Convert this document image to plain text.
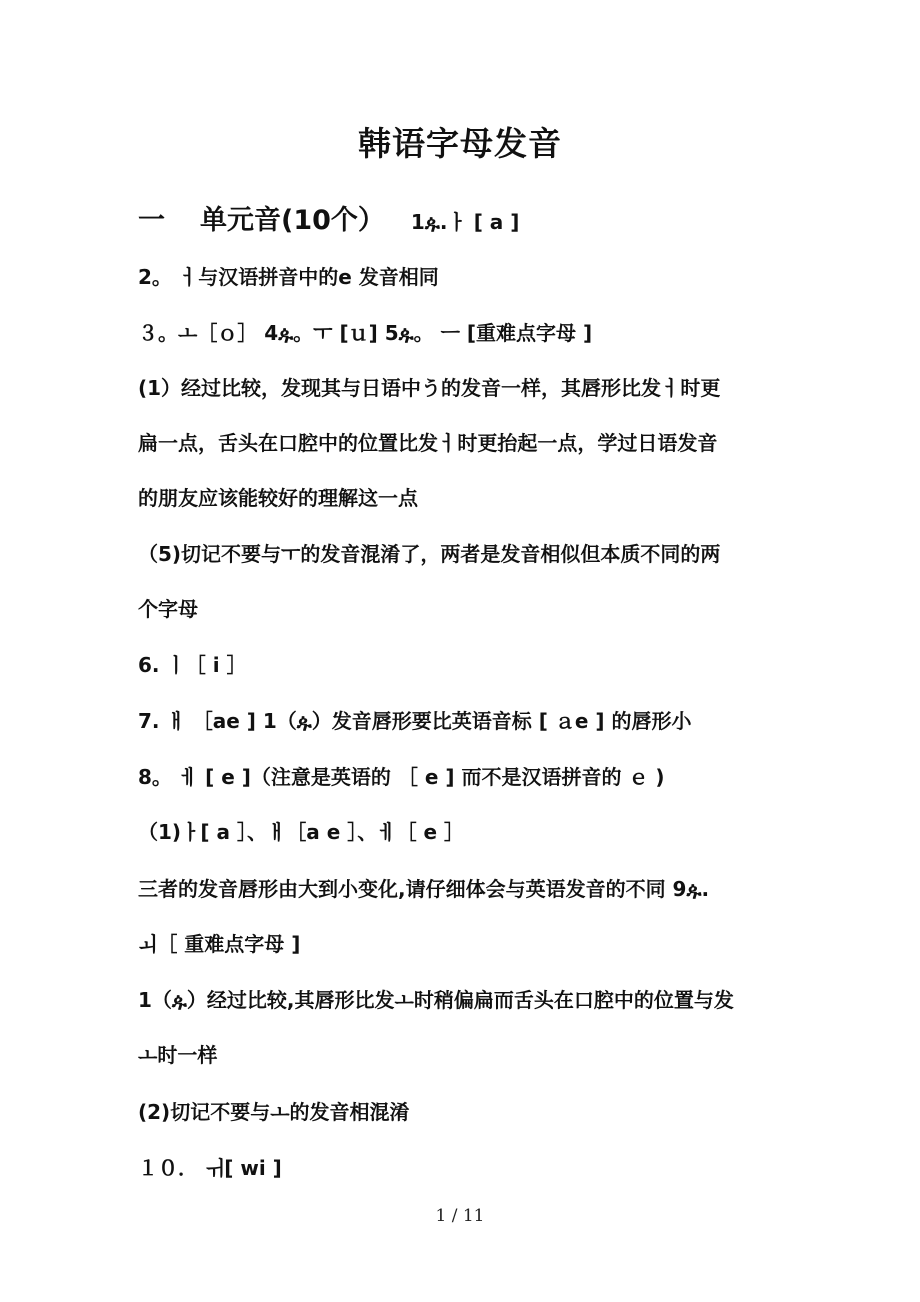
韩语字母发音
一 单元音(10个） 1ዹ.ㅏ [ a ]
2。 ㅓ与汉语拼音中的e 发音相同
３。ㅗ［ｏ］ 4ዹ。ㅜ [ｕ] 5ዹ。 ㅡ [重难点字母 ]
(1）经过比较，发现其与日语中う的发音一样，其唇形比发ㅓ时更
扁一点，舌头在口腔中的位置比发ㅓ时更抬起一点，学过日语发音
的朋友应该能较好的理解这一点
（5)切记不要与ㅜ的发音混淆了，两者是发音相似但本质不同的两
个字母
6. ㅣ［ i ］
7. ㅐ ［ae ] 1（ዹ）发音唇形要比英语音标 [ ａe ] 的唇形小
8。 ㅔ [ e ]（注意是英语的 ［ e ] 而不是汉语拼音的 ｅ )
（1)ㅏ[ a ］、ㅐ［a e ］、ㅔ［ e ］
三者的发音唇形由大到小变化,请仔细体会与英语发音的不同 9ዹ.
ㅚ［ 重难点字母 ]
1（ዹ）经过比较,其唇形比发ㅗ时稍偏扁而舌头在口腔中的位置与发
ㅗ时一样
(2)切记不要与ㅗ的发音相混淆
１０． ㅟ[ wi ]
1 / 11
